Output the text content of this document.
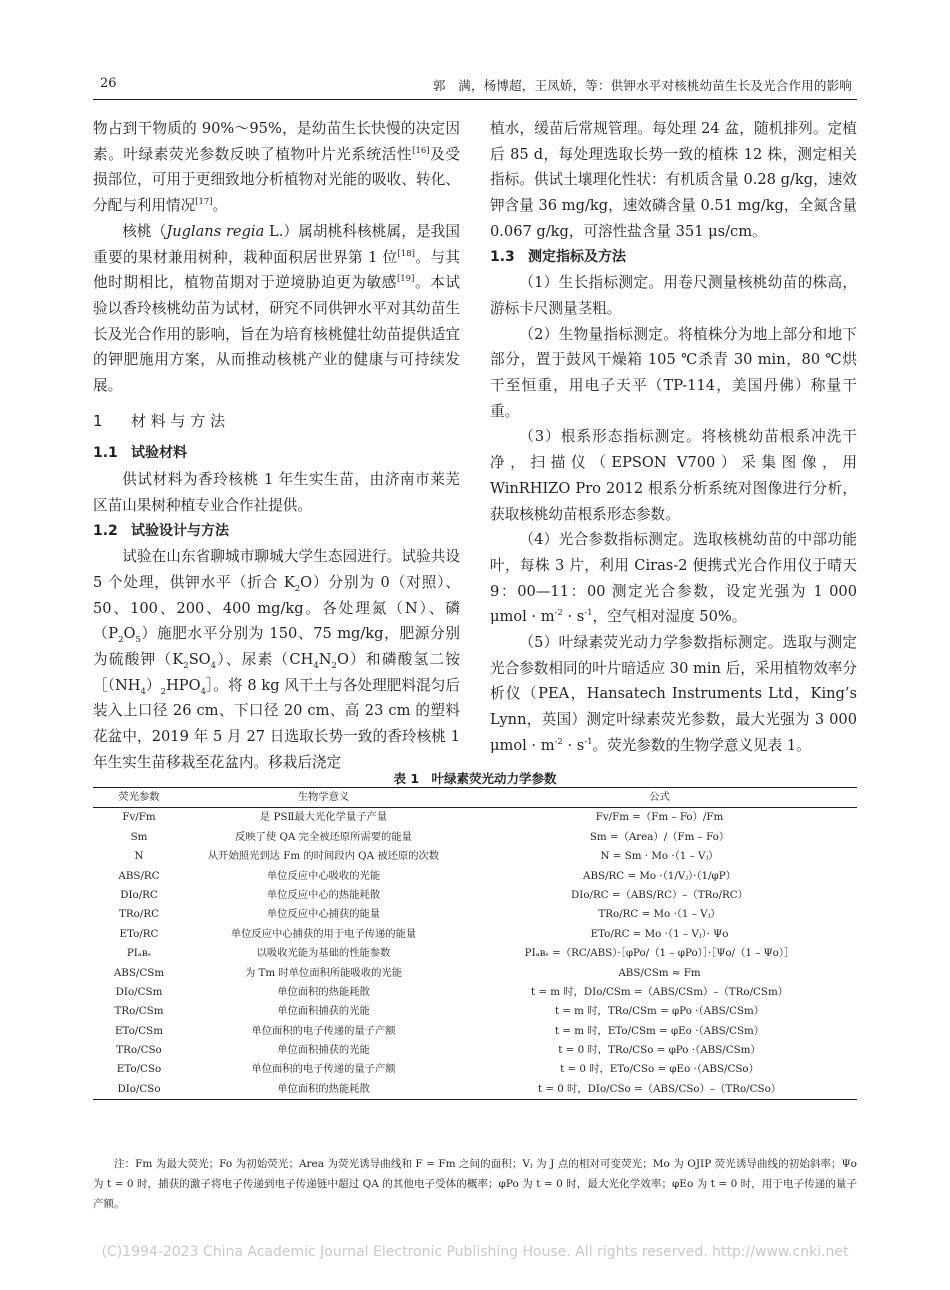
26	郭　满，杨博超，王凤娇，等：供钾水平对核桃幼苗生长及光合作用的影响

物占到干物质的 90%～95%，是幼苗生长快慢的决定因素。叶绿素荧光参数反映了植物叶片光系统活性[16]及受损部位，可用于更细致地分析植物对光能的吸收、转化、分配与利用情况[17]。

核桃（Juglans regia L.）属胡桃科核桃属，是我国重要的果材兼用树种，栽种面积居世界第 1 位[18]。与其他时期相比，植物苗期对于逆境胁迫更为敏感[19]。本试验以香玲核桃幼苗为试材，研究不同供钾水平对其幼苗生长及光合作用的影响，旨在为培育核桃健壮幼苗提供适宜的钾肥施用方案，从而推动核桃产业的健康与可持续发展。

1 材 料 与 方 法
1.1 试验材料

供试材料为香玲核桃 1 年生实生苗，由济南市莱芜区苗山果树种植专业合作社提供。

1.2 试验设计与方法

试验在山东省聊城市聊城大学生态园进行。试验共设 5 个处理，供钾水平（折合 $K_2O$）分别为 0（对照）、50、100、200、400 mg/kg。各处理氮（N）、磷$(P_2O_5)$施肥水平分别为 150、75 mg/kg，肥源分别为硫酸钾$(K_2SO_4)$、尿素$(CH_4N_2O)$和磷酸氢二铵$[(NH_4)_2HPO_4]$。将 8 kg 风干土与各处理肥料混匀后装入上口径 26 cm、下口径 20 cm、高 23 cm 的塑料花盆中，2019 年 5 月 27 日选取长势一致的香玲核桃 1 年生实生苗移栽至花盆内。移栽后浇定

植水，缓苗后常规管理。每处理 24 盆，随机排列。定植后 85 d，每处理选取长势一致的植株 12 株，测定相关指标。供试土壤理化性状：有机质含量 0.28 g/kg，速效钾含量 36 mg/kg，速效磷含量 0.51 mg/kg，全氮含量 0.067 g/kg，可溶性盐含量 351 μs/cm。

1.3 测定指标及方法

（1）生长指标测定。用卷尺测量核桃幼苗的株高，游标卡尺测量茎粗。

（2）生物量指标测定。将植株分为地上部分和地下部分，置于鼓风干燥箱 105 ℃杀青 30 min，80 ℃烘干至恒重，用电子天平（TP-114，美国丹佛）称量干重。

（3）根系形态指标测定。将核桃幼苗根系冲洗干净，扫描仪（EPSON V700）采集图像，用 WinRHIZO Pro 2012 根系分析系统对图像进行分析，获取核桃幼苗根系形态参数。

（4）光合参数指标测定。选取核桃幼苗的中部功能叶，每株 3 片，利用 Ciras-2 便携式光合作用仪于晴天 9：00—11：00 测定光合参数，设定光强为 1 000 $\mu mol \cdot m^{-2} \cdot s^{-1}$，空气相对湿度 50%。

（5）叶绿素荧光动力学参数指标测定。选取与测定光合参数相同的叶片暗适应 30 min 后，采用植物效率分析仪（PEA，Hansatech Instruments Ltd，King’s Lynn，英国）测定叶绿素荧光参数，最大光强为 3 000 $\mu mol \cdot m^{-2} \cdot s^{-1}$。荧光参数的生物学意义见表 1。

表 1　叶绿素荧光动力学参数
荧光参数	生物学意义	公式
Fv/Fm	是 PSⅡ最大光化学量子产量	Fv/Fm =（Fm – Fo）/Fm
Sm	反映了使 QA 完全被还原所需要的能量	Sm =（Area）/（Fm – Fo）
N	从开始照光到达 Fm 的时间段内 QA 被还原的次数	N = Sm · Mo ·（1 – Vⱼ）
ABS/RC	单位反应中心吸收的光能	ABS/RC = Mo ·（1/Vⱼ）·（1/φP）
DIo/RC	单位反应中心的热能耗散	DIo/RC =（ABS/RC）–（TRo/RC）
TRo/RC	单位反应中心捕获的能量	TRo/RC = Mo ·（1 – Vⱼ）
ETo/RC	单位反应中心捕获的用于电子传递的能量	ETo/RC = Mo ·（1 – Vⱼ）· Ψo
PIₐʙₛ	以吸收光能为基础的性能参数	PIₐʙₛ =（RC/ABS）·［φPo/（1 – φPo）］·［Ψo/（1 – Ψo）］
ABS/CSm	为 Tm 时单位面积所能吸收的光能	ABS/CSm ≈ Fm
DIo/CSm	单位面积的热能耗散	t = m 时，DIo/CSm =（ABS/CSm）–（TRo/CSm）
TRo/CSm	单位面积捕获的光能	t = m 时，TRo/CSm = φPo ·（ABS/CSm）
ETo/CSm	单位面积的电子传递的量子产额	t = m 时，ETo/CSm = φEo ·（ABS/CSm）
TRo/CSo	单位面积捕获的光能	t = 0 时，TRo/CSo = φPo ·（ABS/CSm）
ETo/CSo	单位面积的电子传递的量子产额	t = 0 时，ETo/CSo = φEo ·（ABS/CSo）
DIo/CSo	单位面积的热能耗散	t = 0 时，DIo/CSo =（ABS/CSo）–（TRo/CSo）
注：Fm 为最大荧光；Fo 为初始荧光；Area 为荧光诱导曲线和 F = Fm 之间的面积；Vⱼ 为 J 点的相对可变荧光；Mo 为 OJIP 荧光诱导曲线的初始斜率；Ψo 为 t = 0 时，捕获的激子将电子传递到电子传递链中超过 QA 的其他电子受体的概率；φPo 为 t = 0 时，最大光化学效率；φEo 为 t = 0 时，用于电子传递的量子产额。
(C)1994-2023 China Academic Journal Electronic Publishing House. All rights reserved. http://www.cnki.net
